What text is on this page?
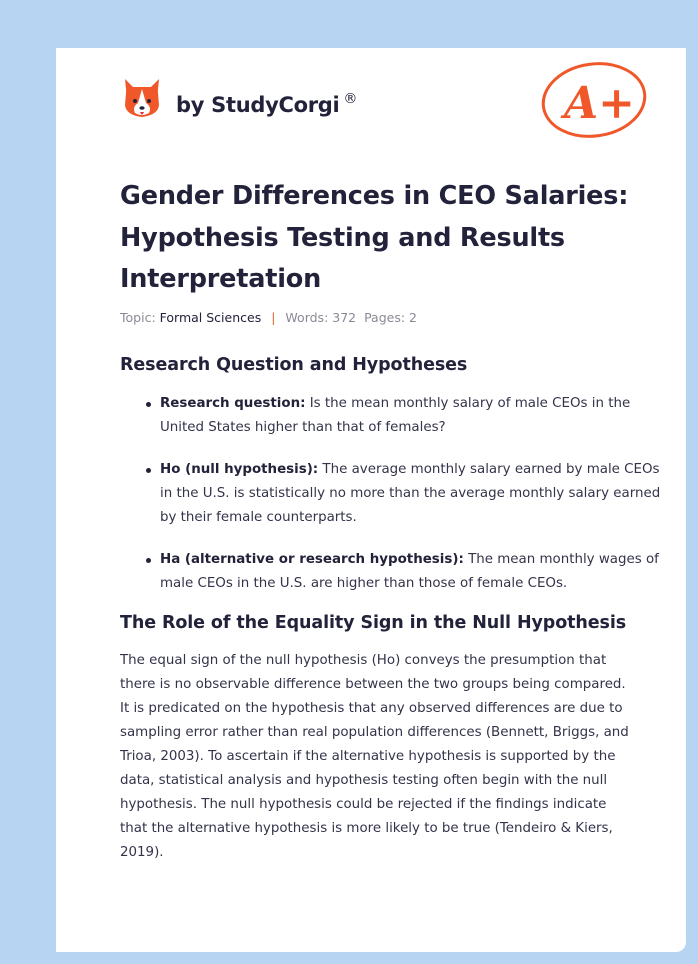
by StudyCorgi ®	A+
Gender Differences in CEO Salaries: Hypothesis Testing and Results Interpretation
Topic: Formal Sciences | Words: 372 Pages: 2
Research Question and Hypotheses
Research question: Is the mean monthly salary of male CEOs in the United States higher than that of females?
Ho (null hypothesis): The average monthly salary earned by male CEOs in the U.S. is statistically no more than the average monthly salary earned by their female counterparts.
Ha (alternative or research hypothesis): The mean monthly wages of male CEOs in the U.S. are higher than those of female CEOs.
The Role of the Equality Sign in the Null Hypothesis

The equal sign of the null hypothesis (Ho) conveys the presumption that there is no observable difference between the two groups being compared. It is predicated on the hypothesis that any observed differences are due to sampling error rather than real population differences (Bennett, Briggs, and Trioa, 2003). To ascertain if the alternative hypothesis is supported by the data, statistical analysis and hypothesis testing often begin with the null hypothesis. The null hypothesis could be rejected if the findings indicate that the alternative hypothesis is more likely to be true (Tendeiro & Kiers, 2019).
